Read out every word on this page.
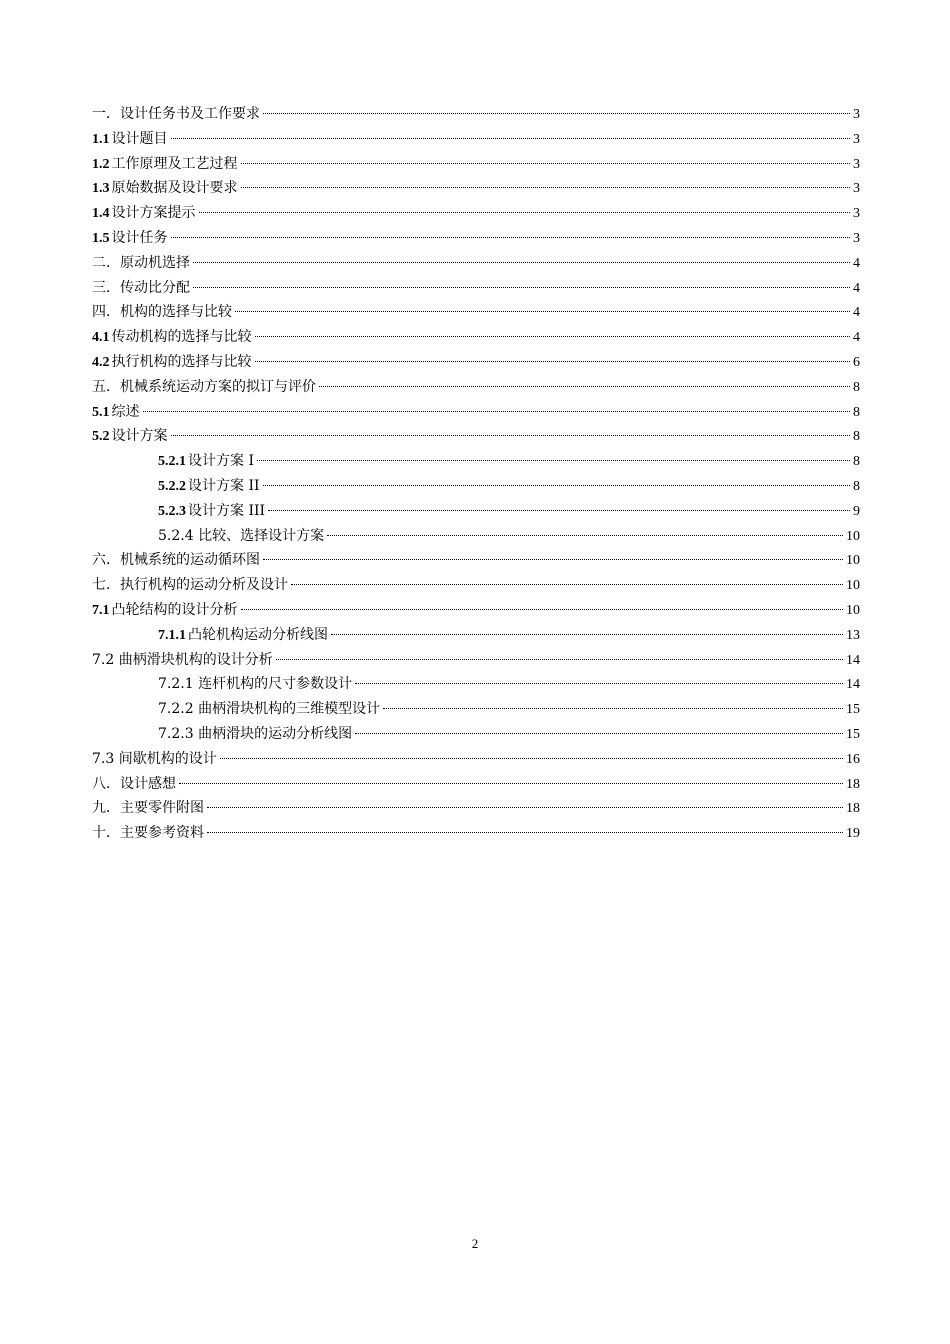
一．设计任务书及工作要求	3
1.1 设计题目	3
1.2 工作原理及工艺过程	3
1.3 原始数据及设计要求	3
1.4 设计方案提示	3
1.5 设计任务	3
二．原动机选择	4
三．传动比分配	4
四．机构的选择与比较	4
4.1 传动机构的选择与比较	4
4.2 执行机构的选择与比较	6
五．机械系统运动方案的拟订与评价	8
5.1 综述	8
5.2 设计方案	8
5.2.1 设计方案 I	8
5.2.2 设计方案 II	8
5.2.3 设计方案 III	9
5.2.4 比较、选择设计方案	10
六．机械系统的运动循环图	10
七．执行机构的运动分析及设计	10
7.1 凸轮结构的设计分析	10
7.1.1 凸轮机构运动分析线图	13
7.2 曲柄滑块机构的设计分析	14
7.2.1 连杆机构的尺寸参数设计	14
7.2.2 曲柄滑块机构的三维模型设计	15
7.2.3 曲柄滑块的运动分析线图	15
7.3 间歇机构的设计	16
八．设计感想	18
九．主要零件附图	18
十．主要参考资料	19
2
